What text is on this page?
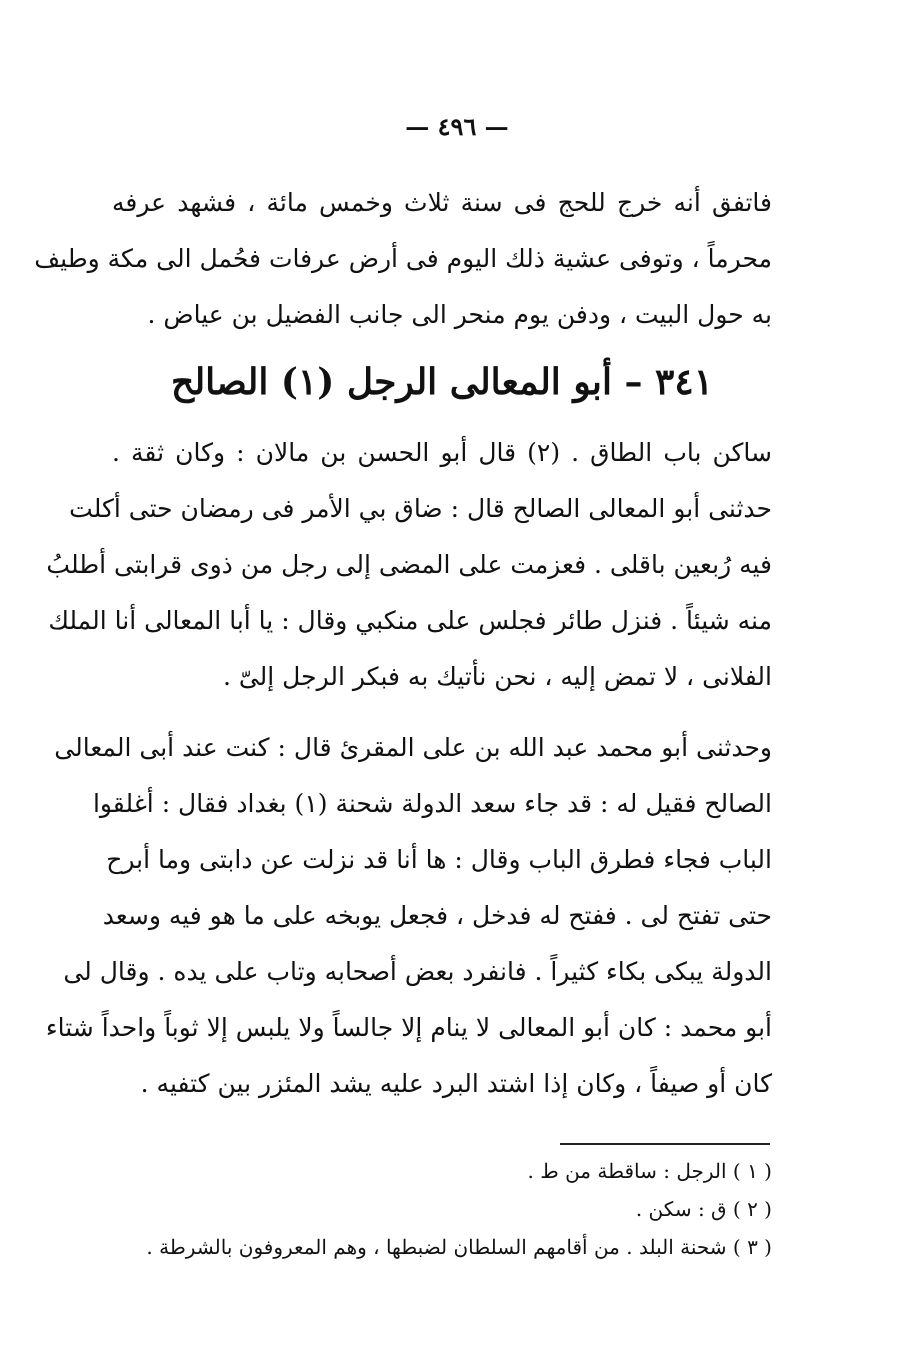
— ٤٩٦ —
فاتفق أنه خرج للحج فى سنة ثلاث وخمس مائة ، فشهد عرفه
محرماً ، وتوفى عشية ذلك اليوم فى أرض عرفات فحُمل الى مكة وطيف
به حول البيت ، ودفن يوم منحر الى جانب الفضيل بن عياض .
٣٤١ – أبو المعالى الرجل (١) الصالح
ساكن باب الطاق . (٢) قال أبو الحسن بن مالان : وكان ثقة .
حدثنى أبو المعالى الصالح قال : ضاق بي الأمر فى رمضان حتى أكلت
فيه رُبعين باقلى . فعزمت على المضى إلى رجل من ذوى قرابتى أطلبُ
منه شيئاً . فنزل طائر فجلس على منكبي وقال : يا أبا المعالى أنا الملك
الفلانى ، لا تمض إليه ، نحن نأتيك به فبكر الرجل إلىّ .
وحدثنى أبو محمد عبد الله بن على المقرئ قال : كنت عند أبى المعالى
الصالح فقيل له : قد جاء سعد الدولة شحنة (١) بغداد فقال : أغلقوا
الباب فجاء فطرق الباب وقال : ها أنا قد نزلت عن دابتى وما أبرح
حتى تفتح لى . ففتح له فدخل ، فجعل يوبخه على ما هو فيه وسعد
الدولة يبكى بكاء كثيراً . فانفرد بعض أصحابه وتاب على يده . وقال لى
أبو محمد : كان أبو المعالى لا ينام إلا جالساً ولا يلبس إلا ثوباً واحداً شتاء
كان أو صيفاً ، وكان إذا اشتد البرد عليه يشد المئزر بين كتفيه .
( ١ ) الرجل : ساقطة من ط .
( ٢ ) ق : سكن .
( ٣ ) شحنة البلد . من أقامهم السلطان لضبطها ، وهم المعروفون بالشرطة .
